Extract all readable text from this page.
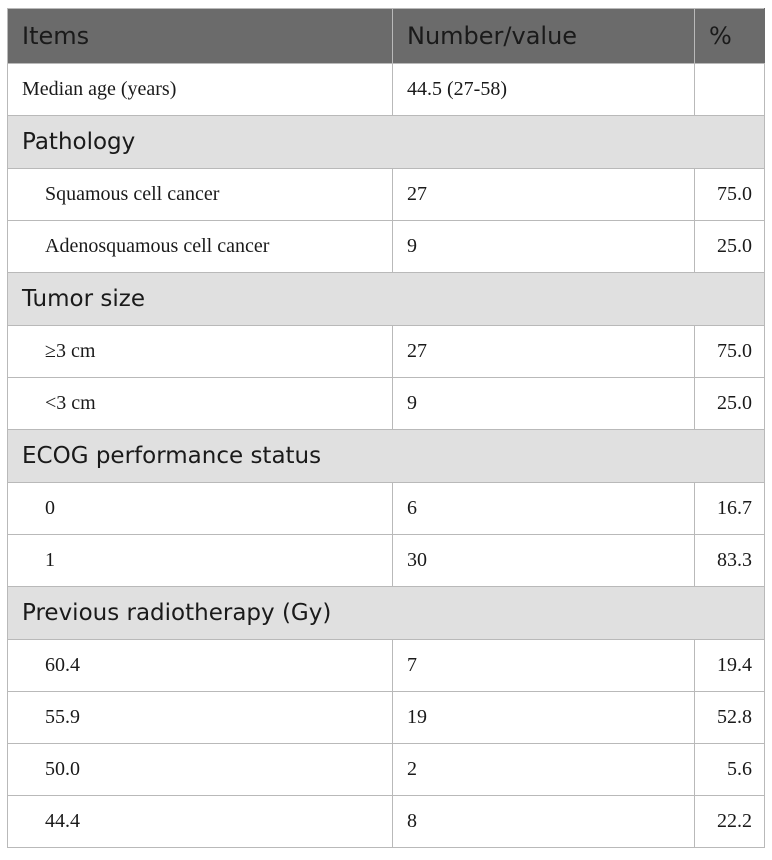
Items	Number/value	%
Median age (years)	44.5 (27-58)	
Pathology		
Squamous cell cancer	27	75.0
Adenosquamous cell cancer	9	25.0
Tumor size		
≥3 cm	27	75.0
<3 cm	9	25.0
ECOG performance status		
0	6	16.7
1	30	83.3
Previous radiotherapy (Gy)		
60.4	7	19.4
55.9	19	52.8
50.0	2	5.6
44.4	8	22.2
